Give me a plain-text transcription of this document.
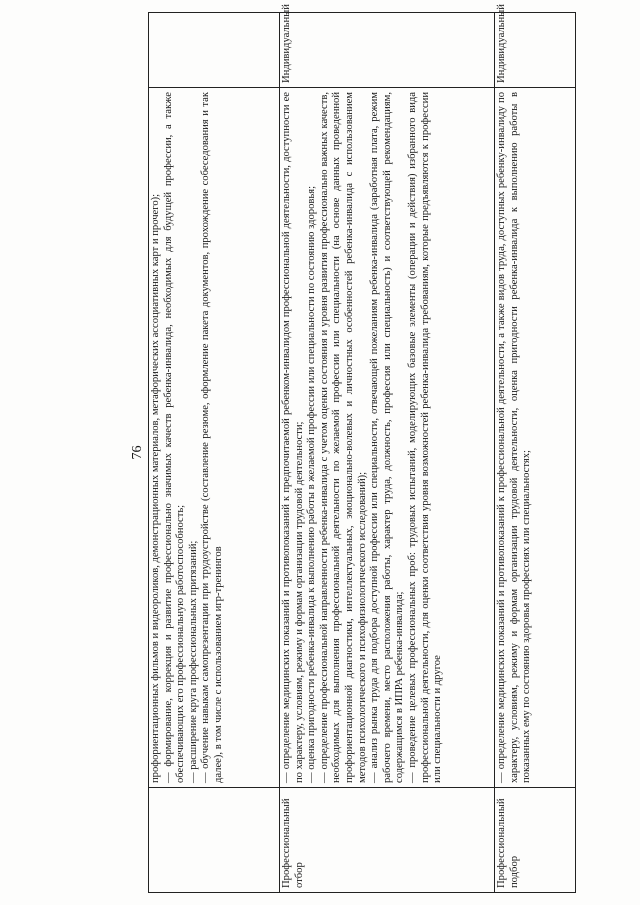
76

	профориентационных фильмов и видеороликов, демонстрационных материалов, метафорических ассоциативных карт и прочего); — формирование, коррекция и развитие профессионально значимых качеств ребенка-инвалида, необходимых для будущей профессии, а также обеспечивающих его профессиональную работоспособность; — расширение круга профессиональных притязаний; — обучение навыкам самопрезентации при трудоустройстве (составление резюме, оформление пакета документов, прохождение собеседования и так далее), в том числе с использованием игр-тренингов	

Профессиональный отбор	— определение медицинских показаний и противопоказаний к предпочитаемой ребенком-инвалидом профессиональной деятельности, доступности ее по характеру, условиям, режиму и формам организации трудовой деятельности; — оценка пригодности ребенка-инвалида к выполнению работы в желаемой профессии или специальности по состоянию здоровья; — определение профессиональной направленности ребенка-инвалида с учетом оценки состояния и уровня развития профессионально важных качеств, необходимых для выполнения профессиональной деятельности по желаемой профессии или специальности (на основе данных проведенной профориентационной диагностики, интеллектуальных, эмоционально-волевых и личностных особенностей ребенка-инвалида с использованием методов психологического и психофизиологического исследований); — анализ рынка труда для подбора доступной профессии или специальности, отвечающей пожеланиям ребенка-инвалида (заработная плата, режим рабочего времени, место расположения работы, характер труда, должность, профессия или специальность) и соответствующей рекомендациям, содержащимся в ИПРА ребенка-инвалида; — проведение целевых профессиональных проб: трудовых испытаний, моделирующих базовые элементы (операции и действия) избранного вида профессиональной деятельности, для оценки соответствия уровня возможностей ребенка-инвалида требованиям, которые предъявляются к профессии или специальности и другое	Индивидуальный
Профессиональный подбор	— определение медицинских показаний и противопоказаний к профессиональной деятельности, а также видов труда, доступных ребенку-инвалиду по характеру, условиям, режиму и формам организации трудовой деятельности, оценка пригодности ребенка-инвалида к выполнению работы в показанных ему по состоянию здоровья профессиях или специальностях;	Индивидуальный
